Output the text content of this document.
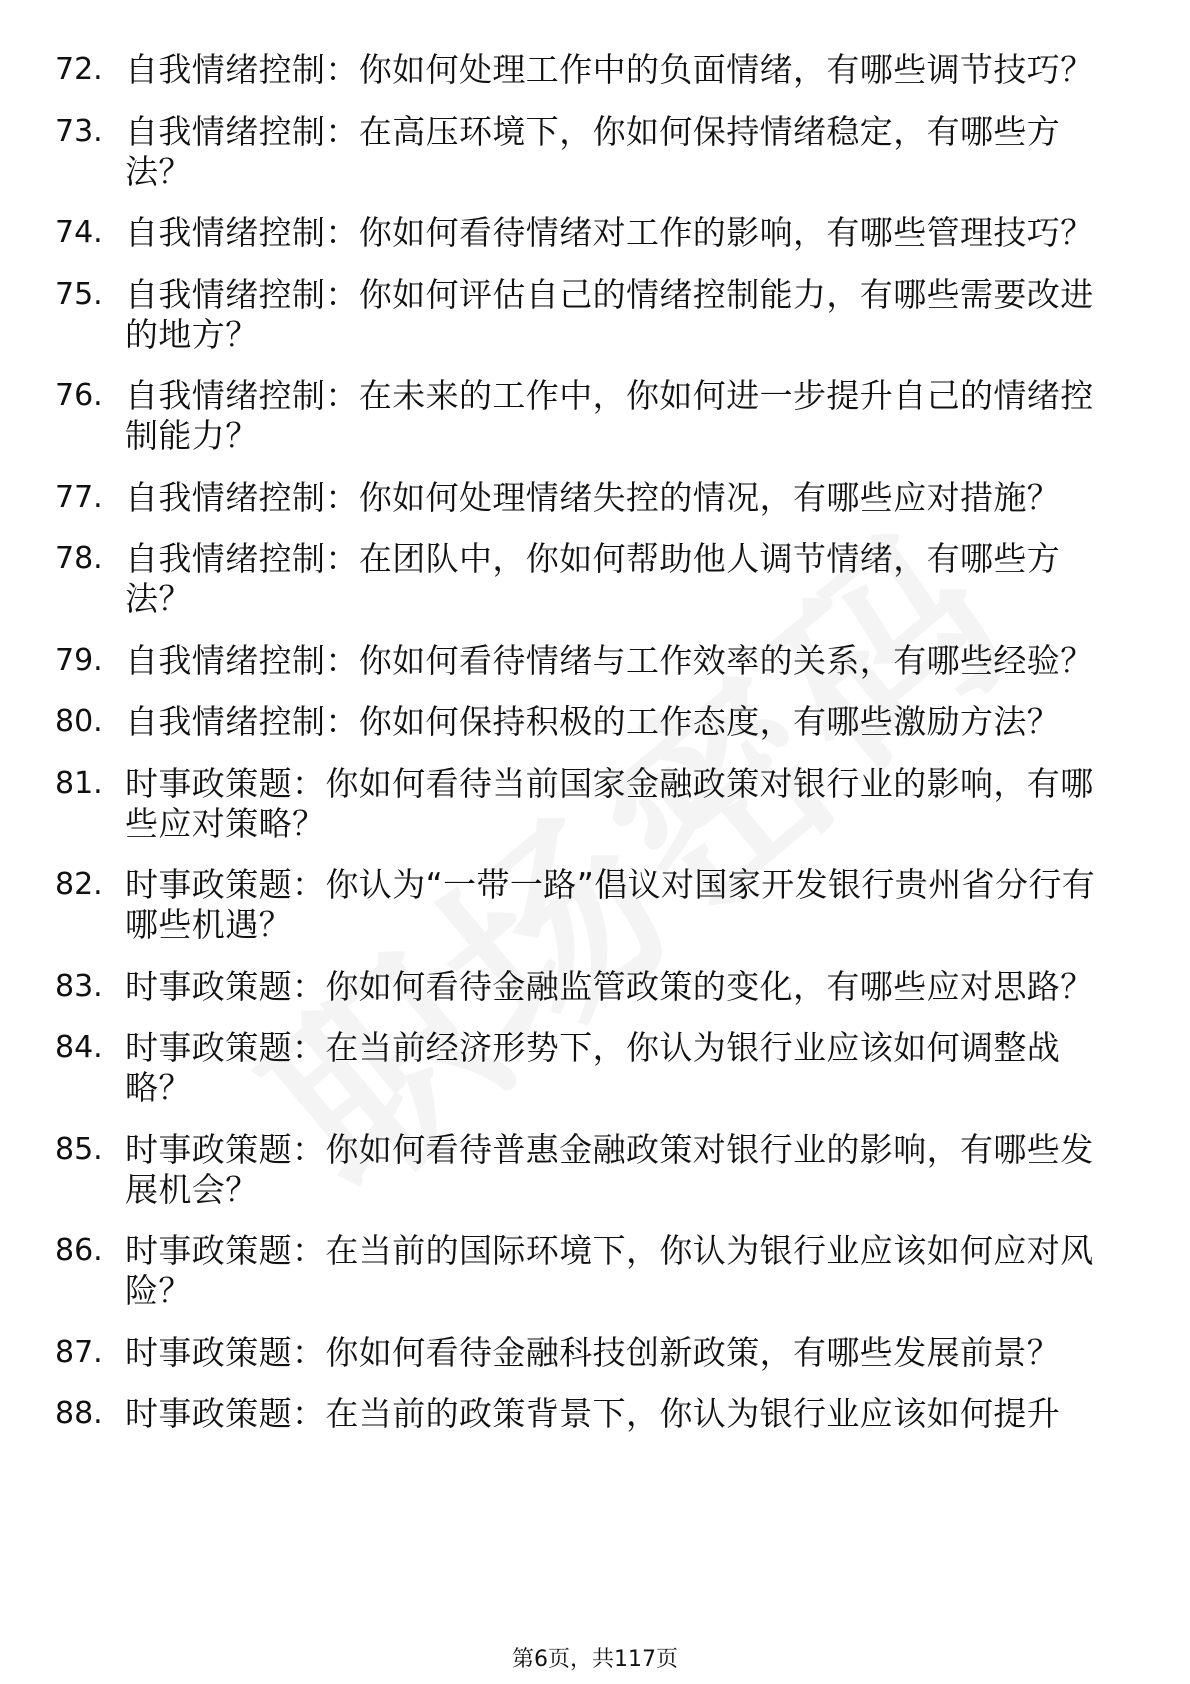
72. 自我情绪控制：你如何处理工作中的负面情绪，有哪些调节技巧？
73. 自我情绪控制：在高压环境下，你如何保持情绪稳定，有哪些方法？
74. 自我情绪控制：你如何看待情绪对工作的影响，有哪些管理技巧？
75. 自我情绪控制：你如何评估自己的情绪控制能力，有哪些需要改进的地方？
76. 自我情绪控制：在未来的工作中，你如何进一步提升自己的情绪控制能力？
77. 自我情绪控制：你如何处理情绪失控的情况，有哪些应对措施？
78. 自我情绪控制：在团队中，你如何帮助他人调节情绪，有哪些方法？
79. 自我情绪控制：你如何看待情绪与工作效率的关系，有哪些经验？
80. 自我情绪控制：你如何保持积极的工作态度，有哪些激励方法？
81. 时事政策题：你如何看待当前国家金融政策对银行业的影响，有哪些应对策略？
82. 时事政策题：你认为“一带一路”倡议对国家开发银行贵州省分行有哪些机遇？
83. 时事政策题：你如何看待金融监管政策的变化，有哪些应对思路？
84. 时事政策题：在当前经济形势下，你认为银行业应该如何调整战略？
85. 时事政策题：你如何看待普惠金融政策对银行业的影响，有哪些发展机会？
86. 时事政策题：在当前的国际环境下，你认为银行业应该如何应对风险？
87. 时事政策题：你如何看待金融科技创新政策，有哪些发展前景？
88. 时事政策题：在当前的政策背景下，你认为银行业应该如何提升
第6页，共117页
